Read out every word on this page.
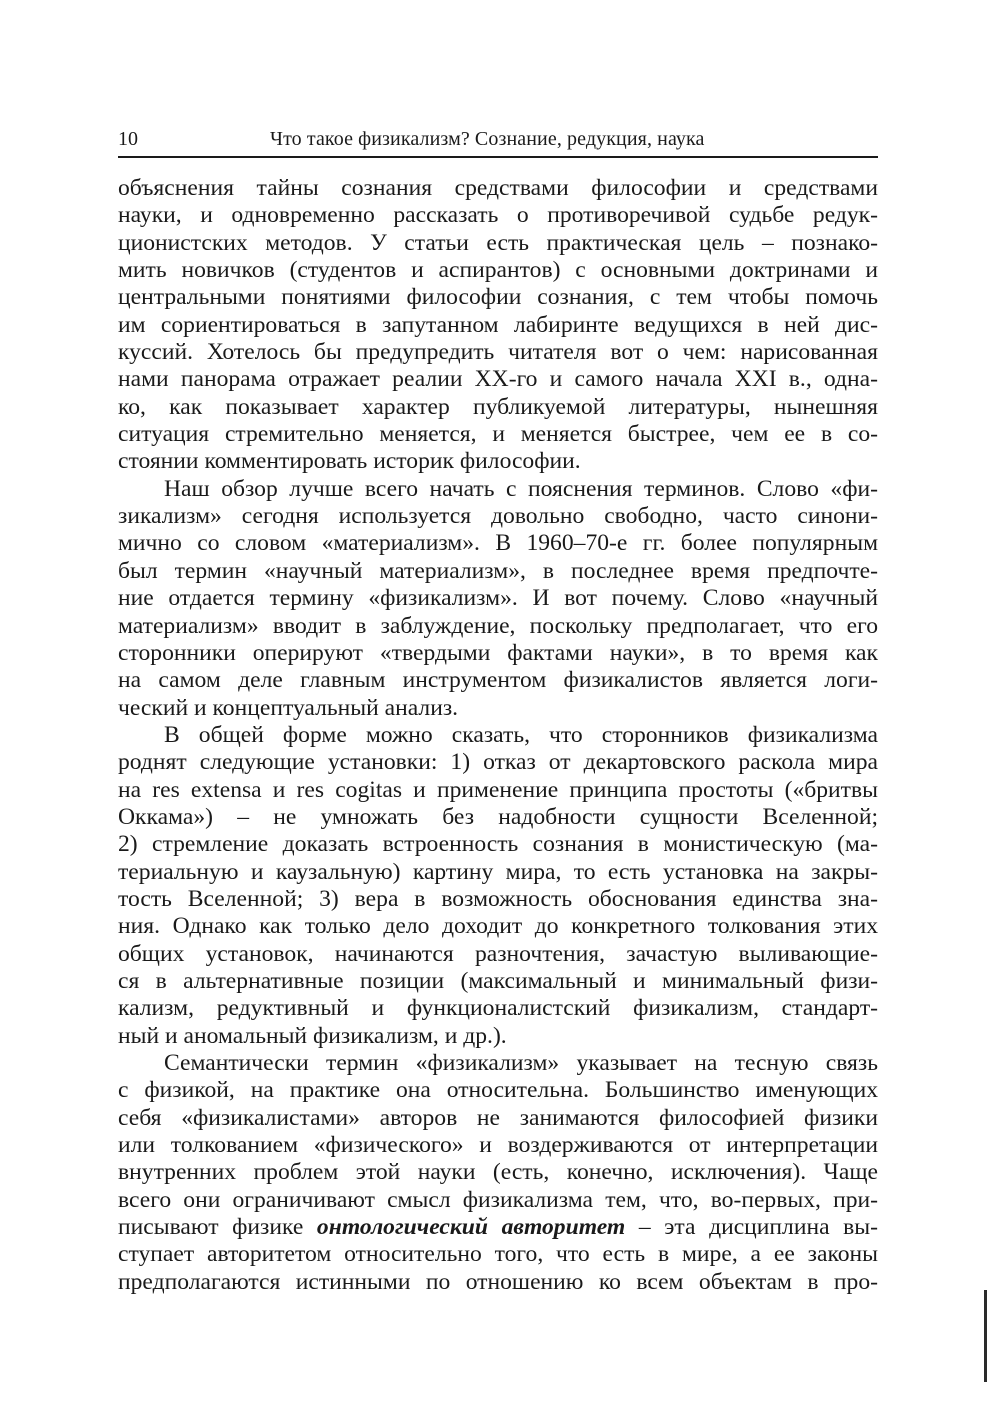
10	Что такое физикализм? Сознание, редукция, наука
объяснения тайны сознания средствами философии и средствами
науки, и одновременно рассказать о противоречивой судьбе редук-
ционистских методов. У статьи есть практическая цель – познако-
мить новичков (студентов и аспирантов) с основными доктринами и
центральными понятиями философии сознания, с тем чтобы помочь
им сориентироваться в запутанном лабиринте ведущихся в ней дис-
куссий. Хотелось бы предупредить читателя вот о чем: нарисованная
нами панорама отражает реалии XX-го и самого начала XXI в., одна-
ко, как показывает характер публикуемой литературы, нынешняя
ситуация стремительно меняется, и меняется быстрее, чем ее в со-
стоянии комментировать историк философии.
Наш обзор лучше всего начать с пояснения терминов. Слово «фи-
зикализм» сегодня используется довольно свободно, часто синони-
мично со словом «материализм». В 1960–70-е гг. более популярным
был термин «научный материализм», в последнее время предпочте-
ние отдается термину «физикализм». И вот почему. Слово «научный
материализм» вводит в заблуждение, поскольку предполагает, что его
сторонники оперируют «твердыми фактами науки», в то время как
на самом деле главным инструментом физикалистов является логи-
ческий и концептуальный анализ.
В общей форме можно сказать, что сторонников физикализма
роднят следующие установки: 1) отказ от декартовского раскола мира
на res extensa и res cogitas и применение принципа простоты («бритвы
Оккама») – не умножать без надобности сущности Вселенной;
2) стремление доказать встроенность сознания в монистическую (ма-
териальную и каузальную) картину мира, то есть установка на закры-
тость Вселенной; 3) вера в возможность обоснования единства зна-
ния. Однако как только дело доходит до конкретного толкования этих
общих установок, начинаются разночтения, зачастую выливающие-
ся в альтернативные позиции (максимальный и минимальный физи-
кализм, редуктивный и функционалистский физикализм, стандарт-
ный и аномальный физикализм, и др.).
Семантически термин «физикализм» указывает на тесную связь
с физикой, на практике она относительна. Большинство именующих
себя «физикалистами» авторов не занимаются философией физики
или толкованием «физического» и воздерживаются от интерпретации
внутренних проблем этой науки (есть, конечно, исключения). Чаще
всего они ограничивают смысл физикализма тем, что, во-первых, при-
писывают физике онтологический авторитет – эта дисциплина вы-
ступает авторитетом относительно того, что есть в мире, а ее законы
предполагаются истинными по отношению ко всем объектам в про-
